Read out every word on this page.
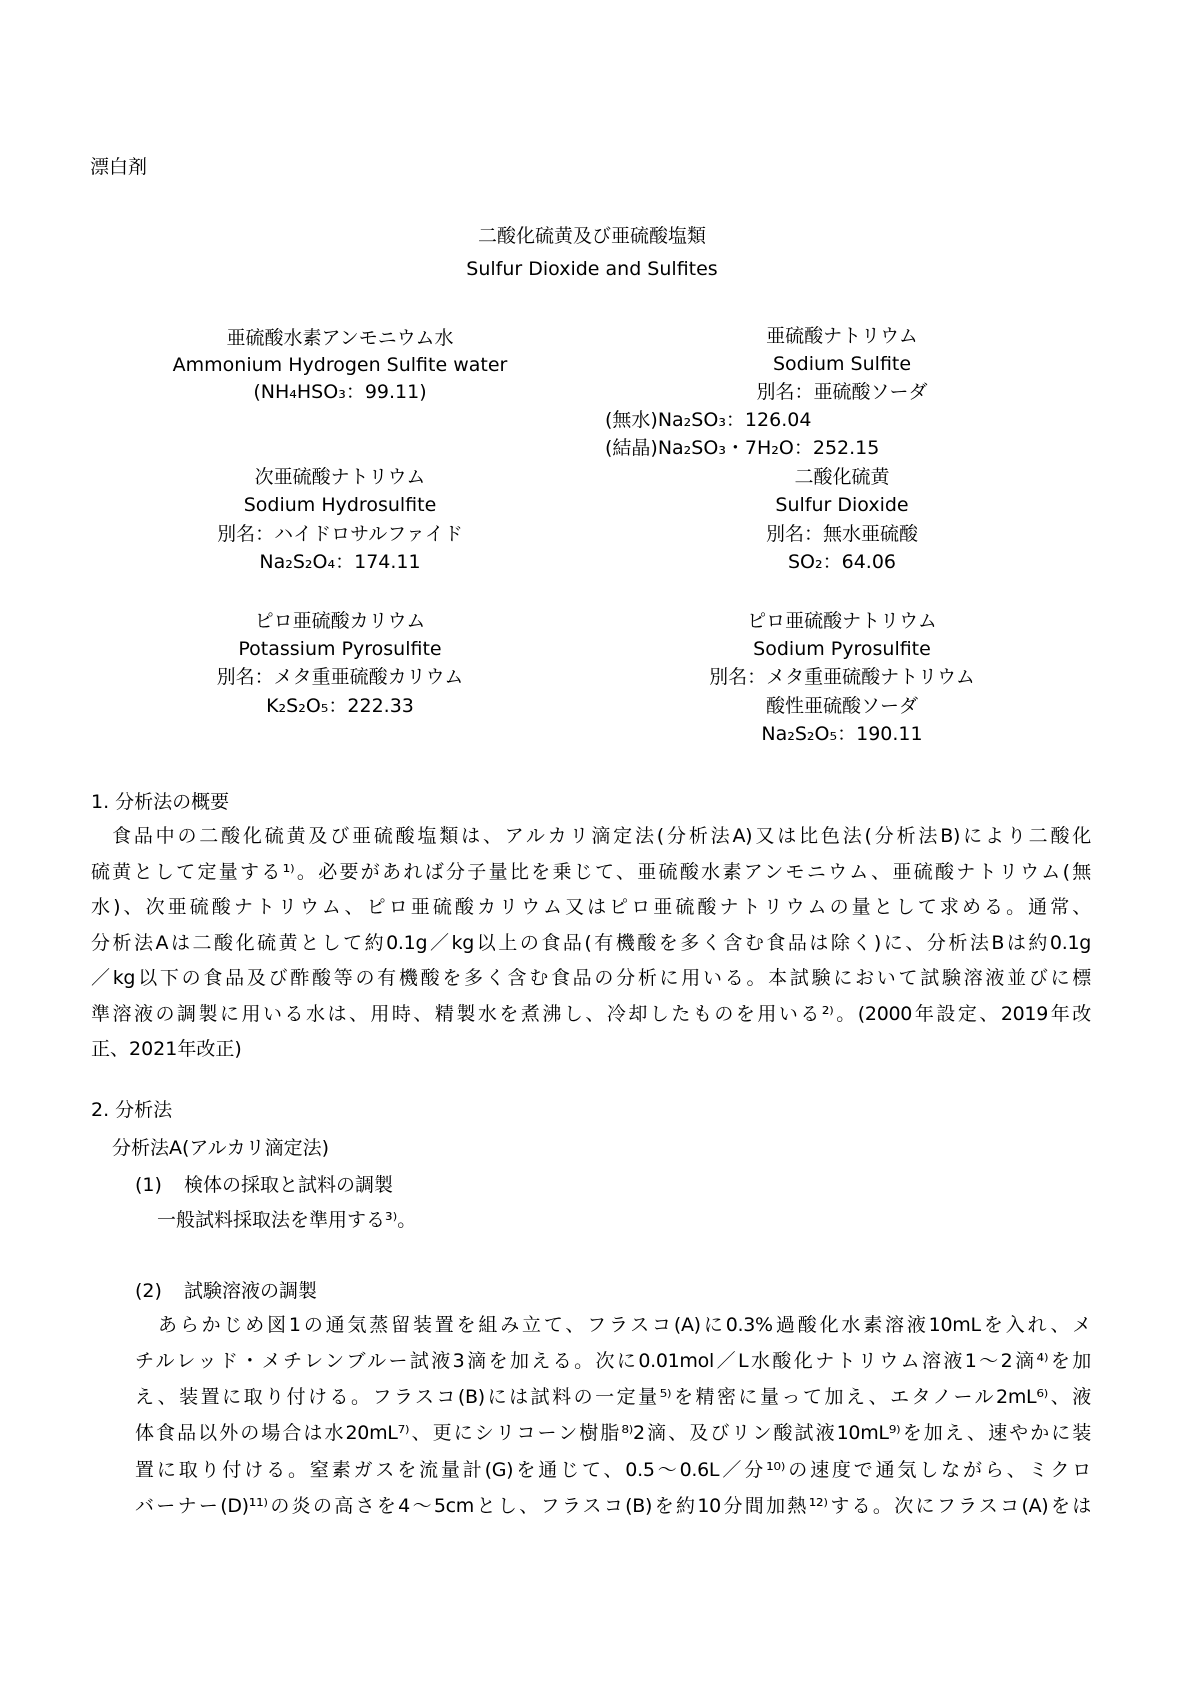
漂白剤
二酸化硫黄及び亜硫酸塩類
Sulfur Dioxide and Sulfites
亜硫酸水素アンモニウム水
Ammonium Hydrogen Sulfite water
(NH₄HSO₃：99.11)
次亜硫酸ナトリウム
Sodium Hydrosulfite
別名：ハイドロサルファイド
Na₂S₂O₄：174.11
ピロ亜硫酸カリウム
Potassium Pyrosulfite
別名：メタ重亜硫酸カリウム
K₂S₂O₅：222.33
亜硫酸ナトリウム
Sodium Sulfite
別名：亜硫酸ソーダ
二酸化硫黄
Sulfur Dioxide
別名：無水亜硫酸
SO₂：64.06
ピロ亜硫酸ナトリウム
Sodium Pyrosulfite
別名：メタ重亜硫酸ナトリウム
酸性亜硫酸ソーダ
Na₂S₂O₅：190.11
(無水)Na₂SO₃：126.04
(結晶)Na₂SO₃・7H₂O：252.15
1. 分析法の概要
食品中の二酸化硫黄及び亜硫酸塩類は、アルカリ滴定法(分析法A)又は比色法(分析法B)により二酸化
硫黄として定量する¹⁾。必要があれば分子量比を乗じて、亜硫酸水素アンモニウム、亜硫酸ナトリウム(無
水)、次亜硫酸ナトリウム、ピロ亜硫酸カリウム又はピロ亜硫酸ナトリウムの量として求める。通常、
分析法Aは二酸化硫黄として約0.1g／kg以上の食品(有機酸を多く含む食品は除く)に、分析法Bは約0.1g
／kg以下の食品及び酢酸等の有機酸を多く含む食品の分析に用いる。本試験において試験溶液並びに標
準溶液の調製に用いる水は、用時、精製水を煮沸し、冷却したものを用いる²⁾。(2000年設定、2019年改
正、2021年改正)
2. 分析法
分析法A(アルカリ滴定法)
(1) 検体の採取と試料の調製
一般試料採取法を準用する³⁾。
(2) 試験溶液の調製
あらかじめ図1の通気蒸留装置を組み立て、フラスコ(A)に0.3%過酸化水素溶液10mLを入れ、メ
チルレッド・メチレンブルー試液3滴を加える。次に0.01mol／L水酸化ナトリウム溶液1～2滴⁴⁾を加
え、装置に取り付ける。フラスコ(B)には試料の一定量⁵⁾を精密に量って加え、エタノール2mL⁶⁾、液
体食品以外の場合は水20mL⁷⁾、更にシリコーン樹脂⁸⁾2滴、及びリン酸試液10mL⁹⁾を加え、速やかに装
置に取り付ける。窒素ガスを流量計(G)を通じて、0.5～0.6L／分¹⁰⁾の速度で通気しながら、ミクロ
バーナー(D)¹¹⁾の炎の高さを4～5cmとし、フラスコ(B)を約10分間加熱¹²⁾する。次にフラスコ(A)をは
